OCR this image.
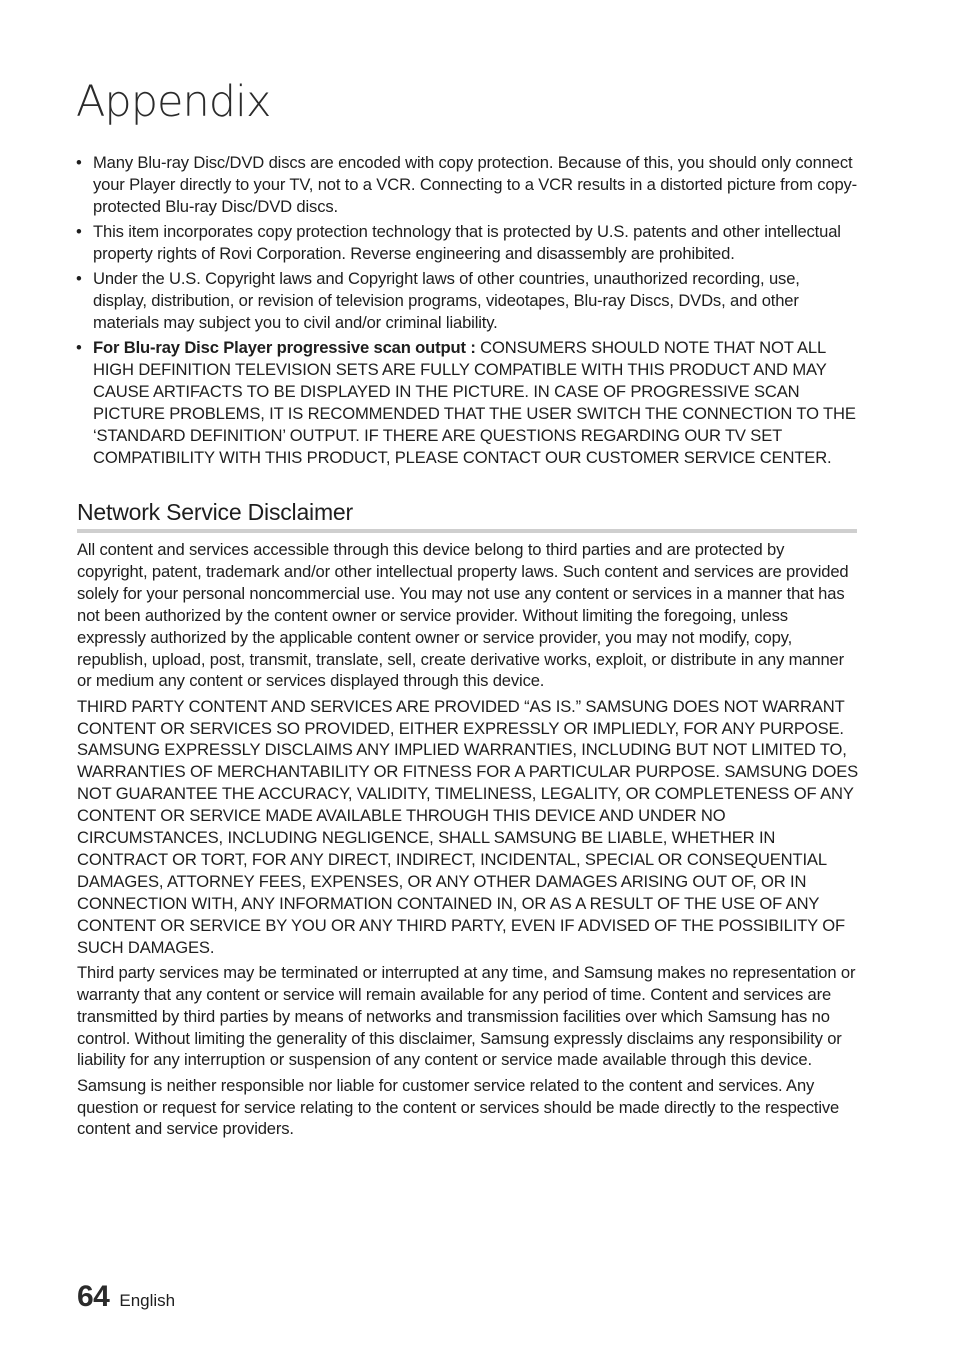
Appendix
• Many Blu-ray Disc/DVD discs are encoded with copy protection. Because of this, you should only connect your Player directly to your TV, not to a VCR. Connecting to a VCR results in a distorted picture from copy-protected Blu-ray Disc/DVD discs.
• This item incorporates copy protection technology that is protected by U.S. patents and other intellectual property rights of Rovi Corporation. Reverse engineering and disassembly are prohibited.
• Under the U.S. Copyright laws and Copyright laws of other countries, unauthorized recording, use, display, distribution, or revision of television programs, videotapes, Blu-ray Discs, DVDs, and other materials may subject you to civil and/or criminal liability.
• For Blu-ray Disc Player progressive scan output : CONSUMERS SHOULD NOTE THAT NOT ALL HIGH DEFINITION TELEVISION SETS ARE FULLY COMPATIBLE WITH THIS PRODUCT AND MAY CAUSE ARTIFACTS TO BE DISPLAYED IN THE PICTURE. IN CASE OF PROGRESSIVE SCAN PICTURE PROBLEMS, IT IS RECOMMENDED THAT THE USER SWITCH THE CONNECTION TO THE ‘STANDARD DEFINITION’ OUTPUT. IF THERE ARE QUESTIONS REGARDING OUR TV SET COMPATIBILITY WITH THIS PRODUCT, PLEASE CONTACT OUR CUSTOMER SERVICE CENTER.
Network Service Disclaimer

All content and services accessible through this device belong to third parties and are protected by copyright, patent, trademark and/or other intellectual property laws. Such content and services are provided solely for your personal noncommercial use. You may not use any content or services in a manner that has not been authorized by the content owner or service provider. Without limiting the foregoing, unless expressly authorized by the applicable content owner or service provider, you may not modify, copy, republish, upload, post, transmit, translate, sell, create derivative works, exploit, or distribute in any manner or medium any content or services displayed through this device.

THIRD PARTY CONTENT AND SERVICES ARE PROVIDED “AS IS.” SAMSUNG DOES NOT WARRANT CONTENT OR SERVICES SO PROVIDED, EITHER EXPRESSLY OR IMPLIEDLY, FOR ANY PURPOSE. SAMSUNG EXPRESSLY DISCLAIMS ANY IMPLIED WARRANTIES, INCLUDING BUT NOT LIMITED TO, WARRANTIES OF MERCHANTABILITY OR FITNESS FOR A PARTICULAR PURPOSE. SAMSUNG DOES NOT GUARANTEE THE ACCURACY, VALIDITY, TIMELINESS, LEGALITY, OR COMPLETENESS OF ANY CONTENT OR SERVICE MADE AVAILABLE THROUGH THIS DEVICE AND UNDER NO CIRCUMSTANCES, INCLUDING NEGLIGENCE, SHALL SAMSUNG BE LIABLE, WHETHER IN CONTRACT OR TORT, FOR ANY DIRECT, INDIRECT, INCIDENTAL, SPECIAL OR CONSEQUENTIAL DAMAGES, ATTORNEY FEES, EXPENSES, OR ANY OTHER DAMAGES ARISING OUT OF, OR IN CONNECTION WITH, ANY INFORMATION CONTAINED IN, OR AS A RESULT OF THE USE OF ANY CONTENT OR SERVICE BY YOU OR ANY THIRD PARTY, EVEN IF ADVISED OF THE POSSIBILITY OF SUCH DAMAGES.

Third party services may be terminated or interrupted at any time, and Samsung makes no representation or warranty that any content or service will remain available for any period of time. Content and services are transmitted by third parties by means of networks and transmission facilities over which Samsung has no control. Without limiting the generality of this disclaimer, Samsung expressly disclaims any responsibility or liability for any interruption or suspension of any content or service made available through this device.

Samsung is neither responsible nor liable for customer service related to the content and services. Any question or request for service relating to the content or services should be made directly to the respective content and service providers.

64 English
